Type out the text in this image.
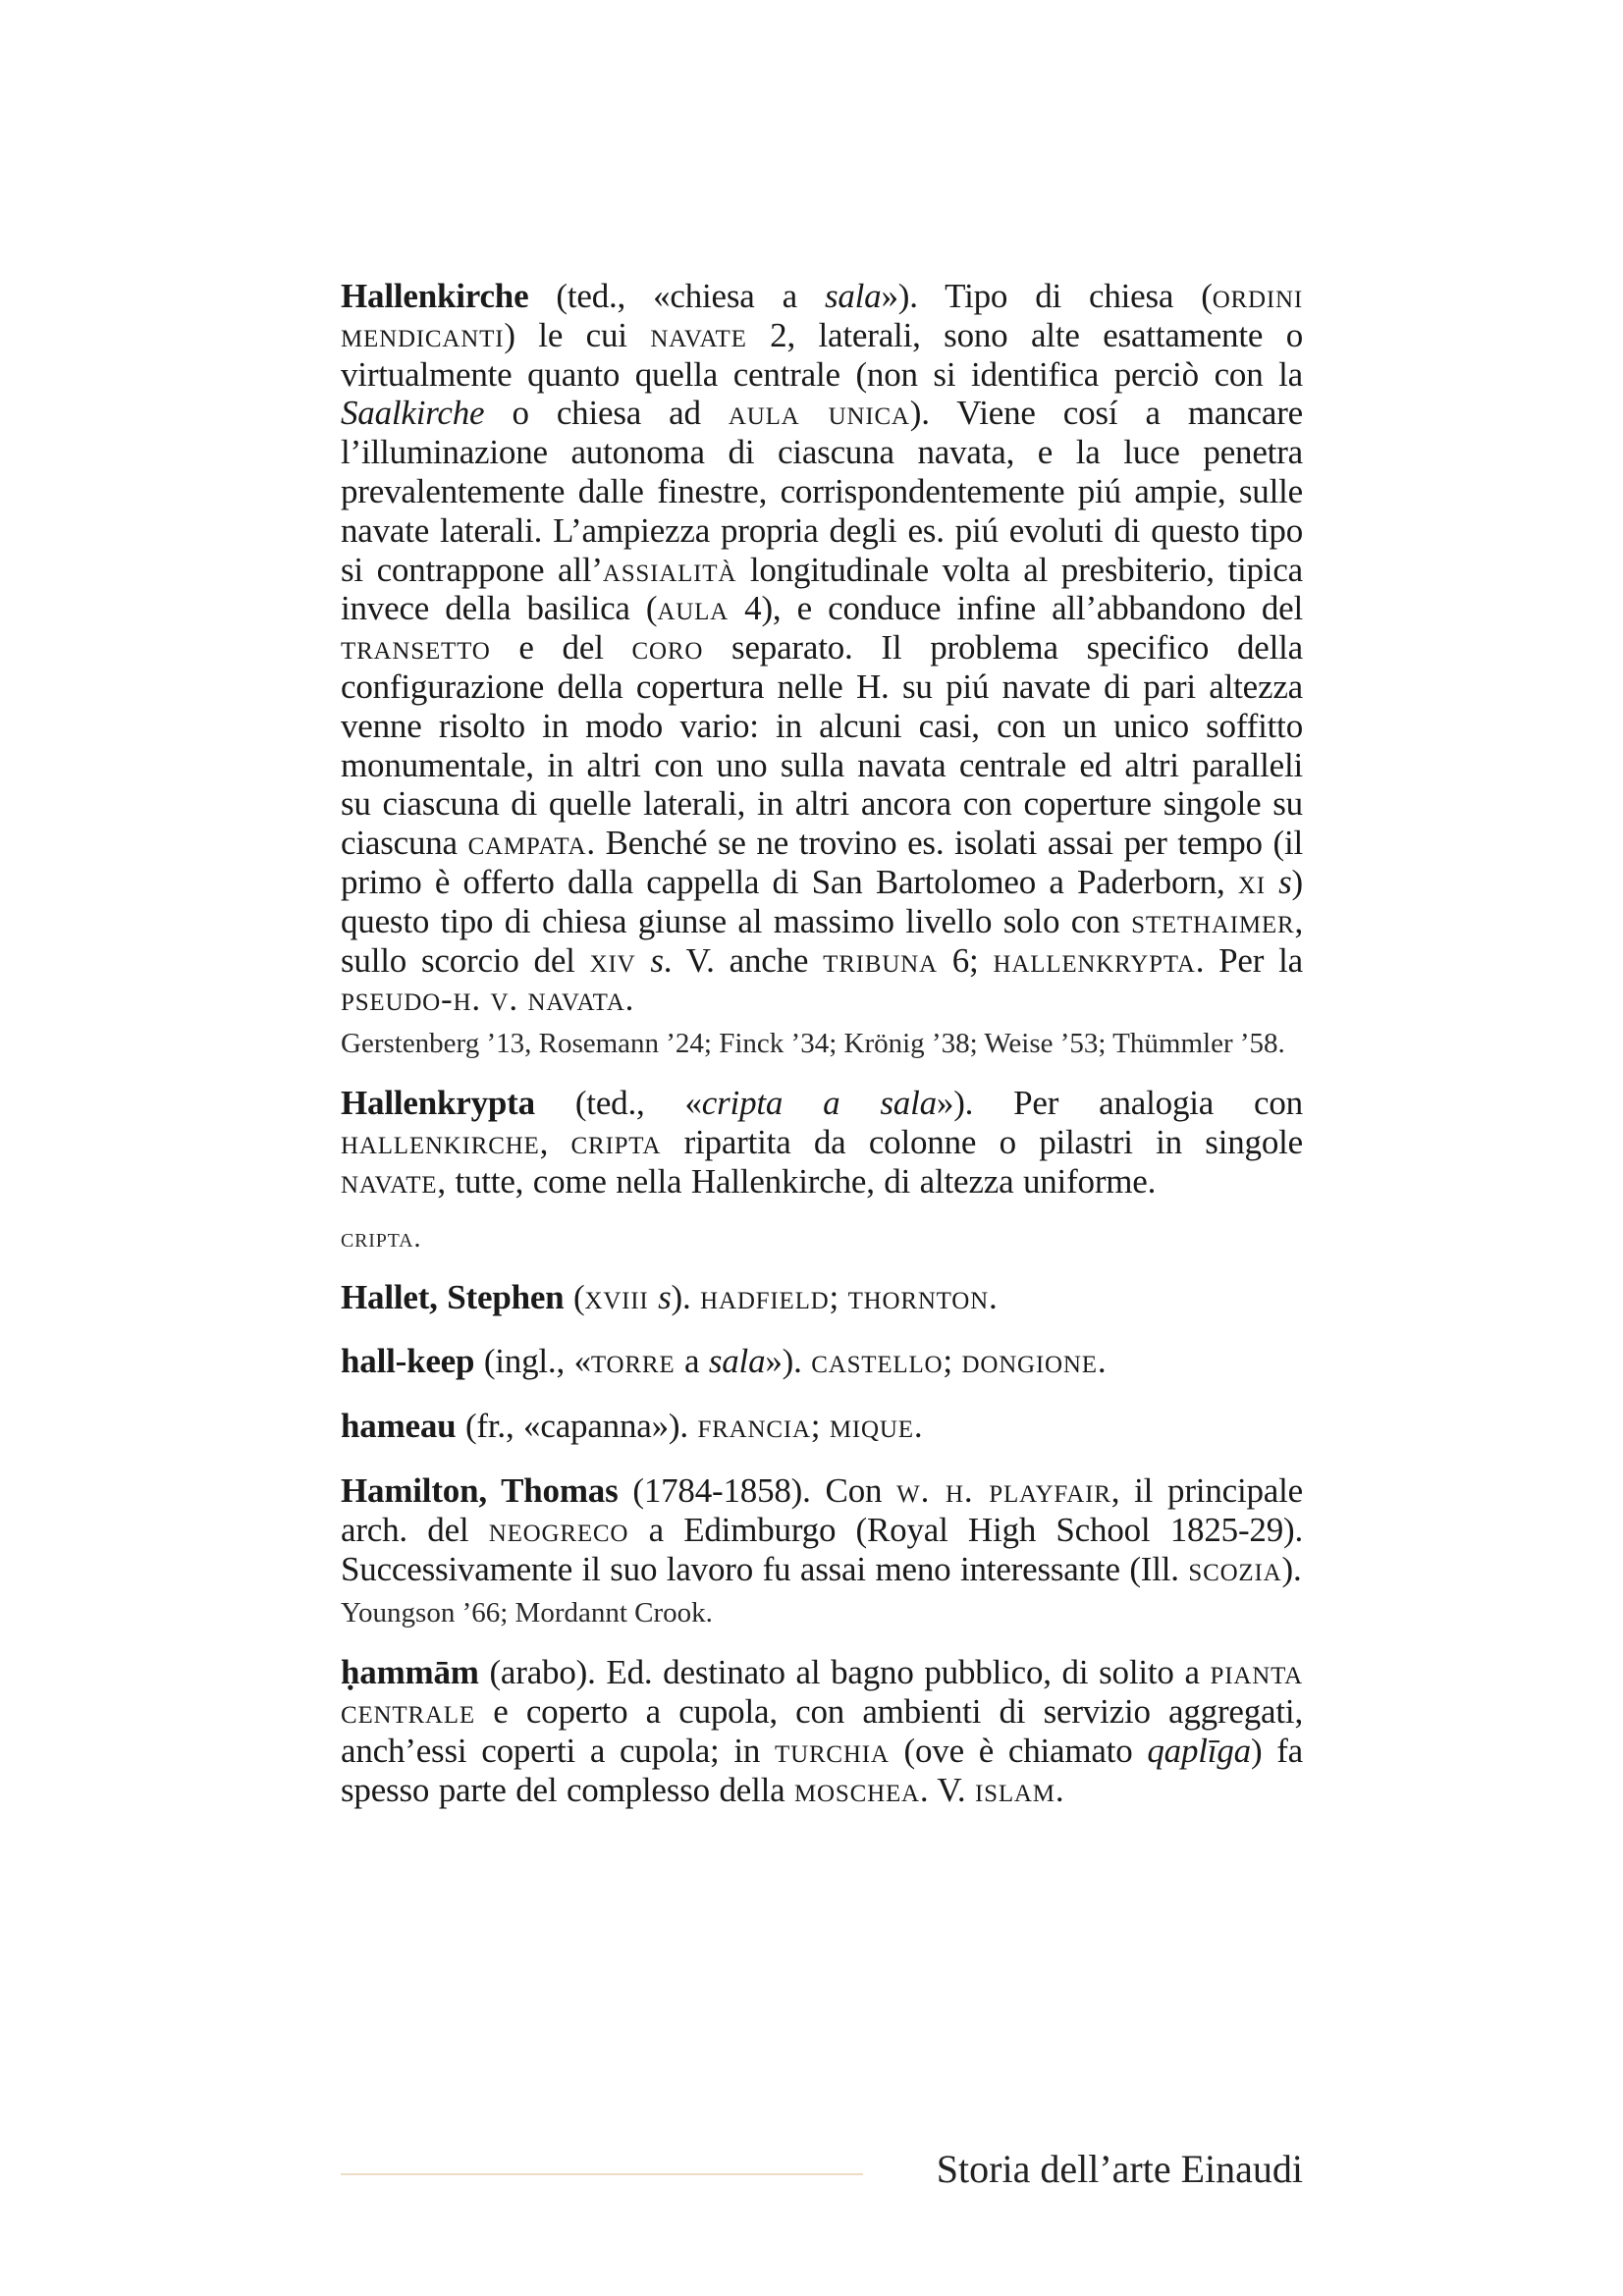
Hallenkirche (ted., «chiesa a sala»). Tipo di chiesa (ordini mendicanti) le cui navate 2, laterali, sono alte esattamente o virtualmente quanto quella centrale (non si identifica perciò con la Saalkirche o chiesa ad aula unica). Viene cosí a mancare l’illuminazione autonoma di ciascuna navata, e la luce penetra prevalentemente dalle finestre, corrispondentemente piú ampie, sulle navate laterali. L’ampiezza propria degli es. piú evoluti di questo tipo si contrappone all’assialità longitudinale volta al presbiterio, tipica invece della basilica (aula 4), e conduce infine all’abbandono del transetto e del coro separato. Il problema specifico della configurazione della copertura nelle H. su piú navate di pari altezza venne risolto in modo vario: in alcuni casi, con un unico soffitto monumentale, in altri con uno sulla navata centrale ed altri paralleli su ciascuna di quelle laterali, in altri ancora con coperture singole su ciascuna campata. Benché se ne trovino es. isolati assai per tempo (il primo è offerto dalla cappella di San Bartolomeo a Paderborn, xi s) questo tipo di chiesa giunse al massimo livello solo con stethaimer, sullo scorcio del xiv s. V. anche tribuna 6; hallenkrypta. Per la pseudo-h. v. navata.

Gerstenberg ’13, Rosemann ’24; Finck ’34; Krönig ’38; Weise ’53; Thümmler ’58.

Hallenkrypta (ted., «cripta a sala»). Per analogia con hallenkirche, cripta ripartita da colonne o pilastri in singole navate, tutte, come nella Hallenkirche, di altezza uniforme.

cripta.

Hallet, Stephen (xviii s). hadfield; thornton.

hall-keep (ingl., «torre a sala»). castello; dongione.

hameau (fr., «capanna»). francia; mique.

Hamilton, Thomas (1784-1858). Con w. h. playfair, il principale arch. del neogreco a Edimburgo (Royal High School 1825-29). Successivamente il suo lavoro fu assai meno interessante (Ill. scozia).

Youngson ’66; Mordannt Crook.

ḥammām (arabo). Ed. destinato al bagno pubblico, di solito a pianta centrale e coperto a cupola, con ambienti di servizio aggregati, anch’essi coperti a cupola; in turchia (ove è chiamato qaplīga) fa spesso parte del complesso della moschea. V. islam.

Storia dell’arte Einaudi
